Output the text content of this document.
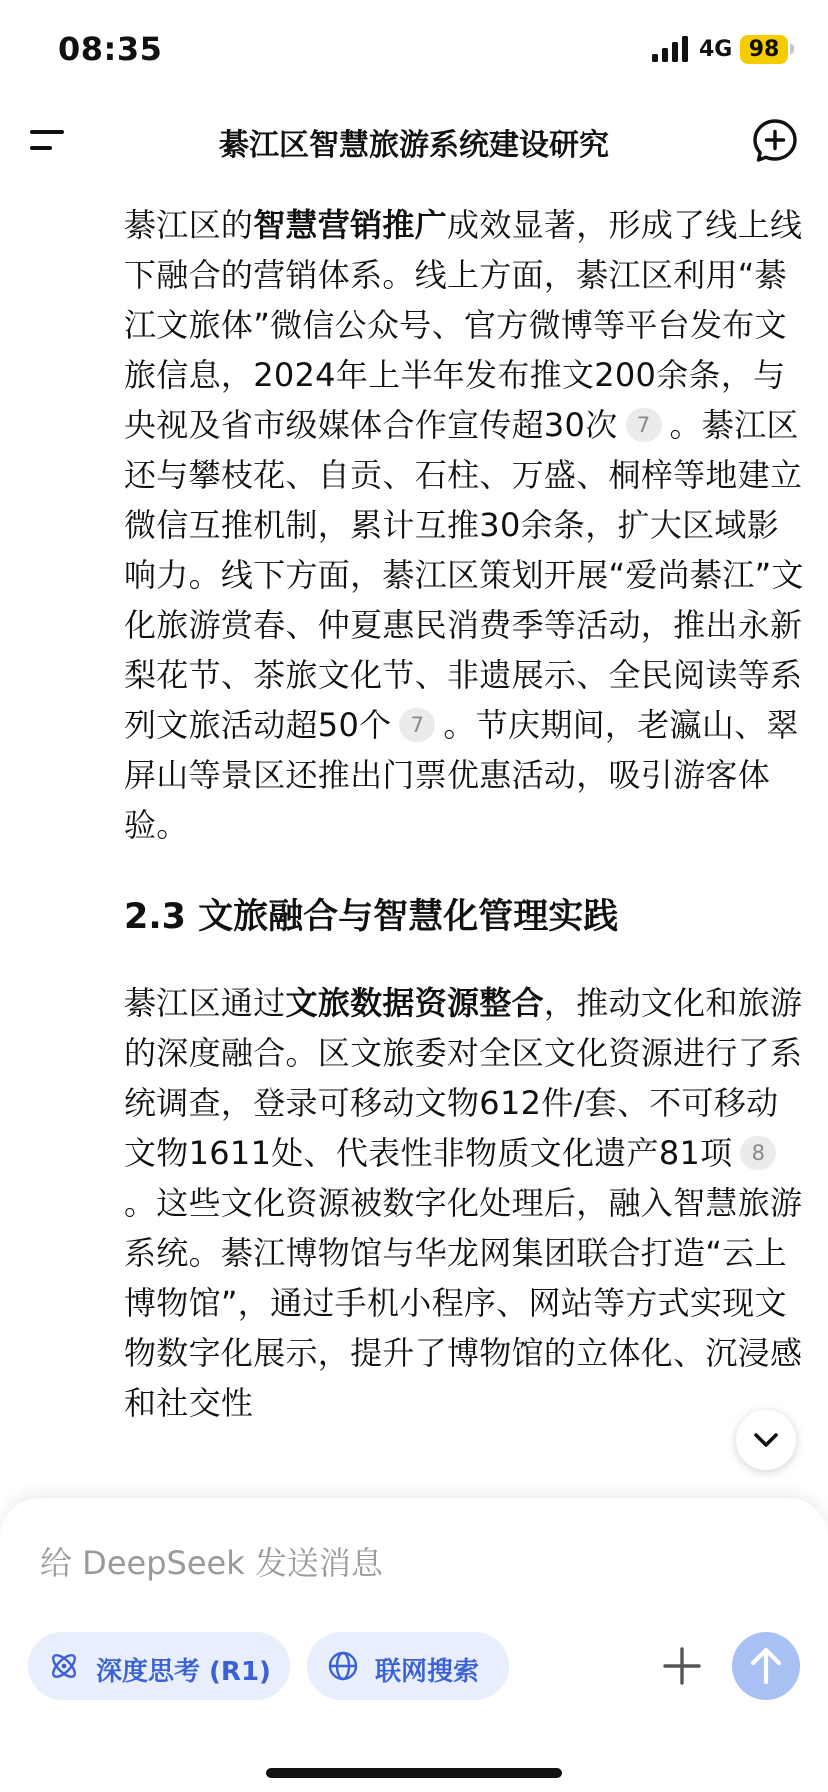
08:35	4G 98
綦江区智慧旅游系统建设研究

綦江区的智慧营销推广成效显著，形成了线上线下融合的营销体系。线上方面，綦江区利用“綦江文旅体”微信公众号、官方微博等平台发布文旅信息，2024年上半年发布推文200余条，与央视及省市级媒体合作宣传超30次 7 。綦江区还与攀枝花、自贡、石柱、万盛、桐梓等地建立微信互推机制，累计互推30余条，扩大区域影响力。线下方面，綦江区策划开展“爱尚綦江”文化旅游赏春、仲夏惠民消费季等活动，推出永新梨花节、茶旅文化节、非遗展示、全民阅读等系列文旅活动超50个 7 。节庆期间，老瀛山、翠屏山等景区还推出门票优惠活动，吸引游客体验。

2.3 文旅融合与智慧化管理实践

綦江区通过文旅数据资源整合，推动文化和旅游的深度融合。区文旅委对全区文化资源进行了系统调查，登录可移动文物612件/套、不可移动文物1611处、代表性非物质文化遗产81项 8。这些文化资源被数字化处理后，融入智慧旅游系统。綦江博物馆与华龙网集团联合打造“云上博物馆”，通过手机小程序、网站等方式实现文物数字化展示，提升了博物馆的立体化、沉浸感和社交性

给 DeepSeek 发送消息
深度思考 (R1)	联网搜索
